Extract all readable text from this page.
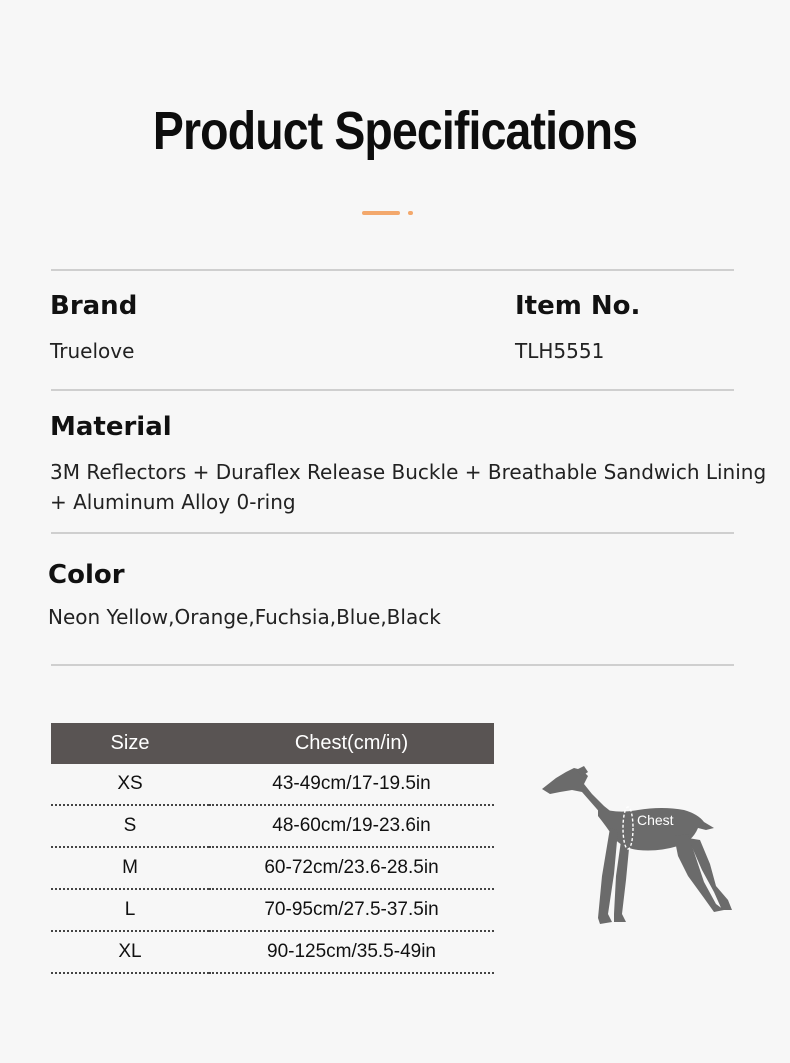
Product Specifications
Brand
Truelove
Item No.
TLH5551
Material
3M Reflectors + Duraflex Release Buckle + Breathable Sandwich Lining
+ Aluminum Alloy 0-ring
Color
Neon Yellow,Orange,Fuchsia,Blue,Black
Size	Chest(cm/in)
XS	43-49cm/17-19.5in
S	48-60cm/19-23.6in
M	60-72cm/23.6-28.5in
L	70-95cm/27.5-37.5in
XL	90-125cm/35.5-49in
Chest
